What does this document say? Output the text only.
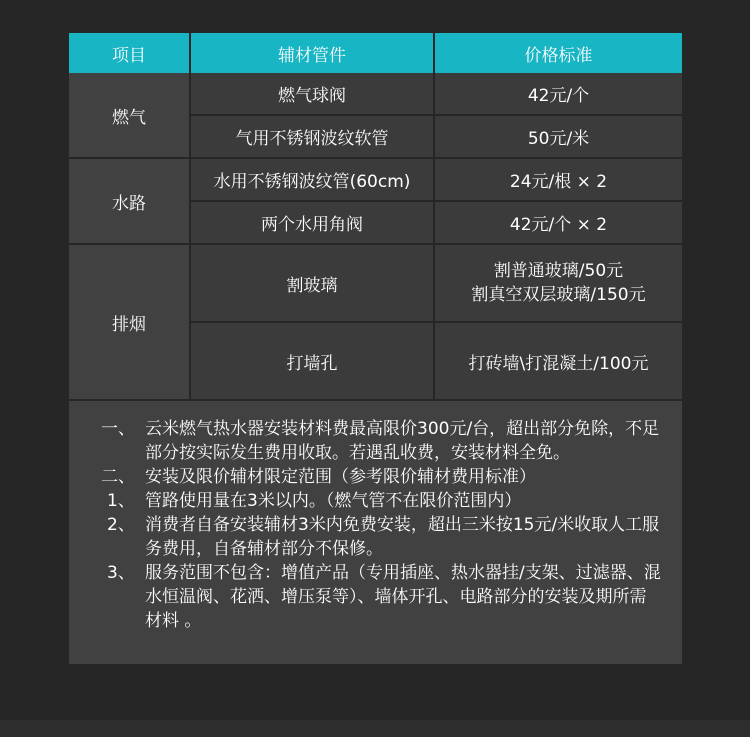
项目	辅材管件	价格标准
燃气	燃气球阀	42元/个
	气用不锈钢波纹软管	50元/米
水路	水用不锈钢波纹管(60cm)	24元/根 × 2
	两个水用角阀	42元/个 × 2
排烟	割玻璃	割普通玻璃/50元
割真空双层玻璃/150元

	打墙孔	打砖墙\打混凝土/100元
一、 云米燃气热水器安装材料费最高限价300元/台，超出部分免除，不足部分按实际发生费用收取。若遇乱收费，安装材料全免。
二、 安装及限价辅材限定范围（参考限价辅材费用标准）
1、 管路使用量在3米以内。（燃气管不在限价范围内）
2、 消费者自备安装辅材3米内免费安装，超出三米按15元/米收取人工服务费用，自备辅材部分不保修。
3、 服务范围不包含：增值产品（专用插座、热水器挂/支架、过滤器、混水恒温阀、花洒、增压泵等）、墙体开孔、电路部分的安装及期所需材料 。
